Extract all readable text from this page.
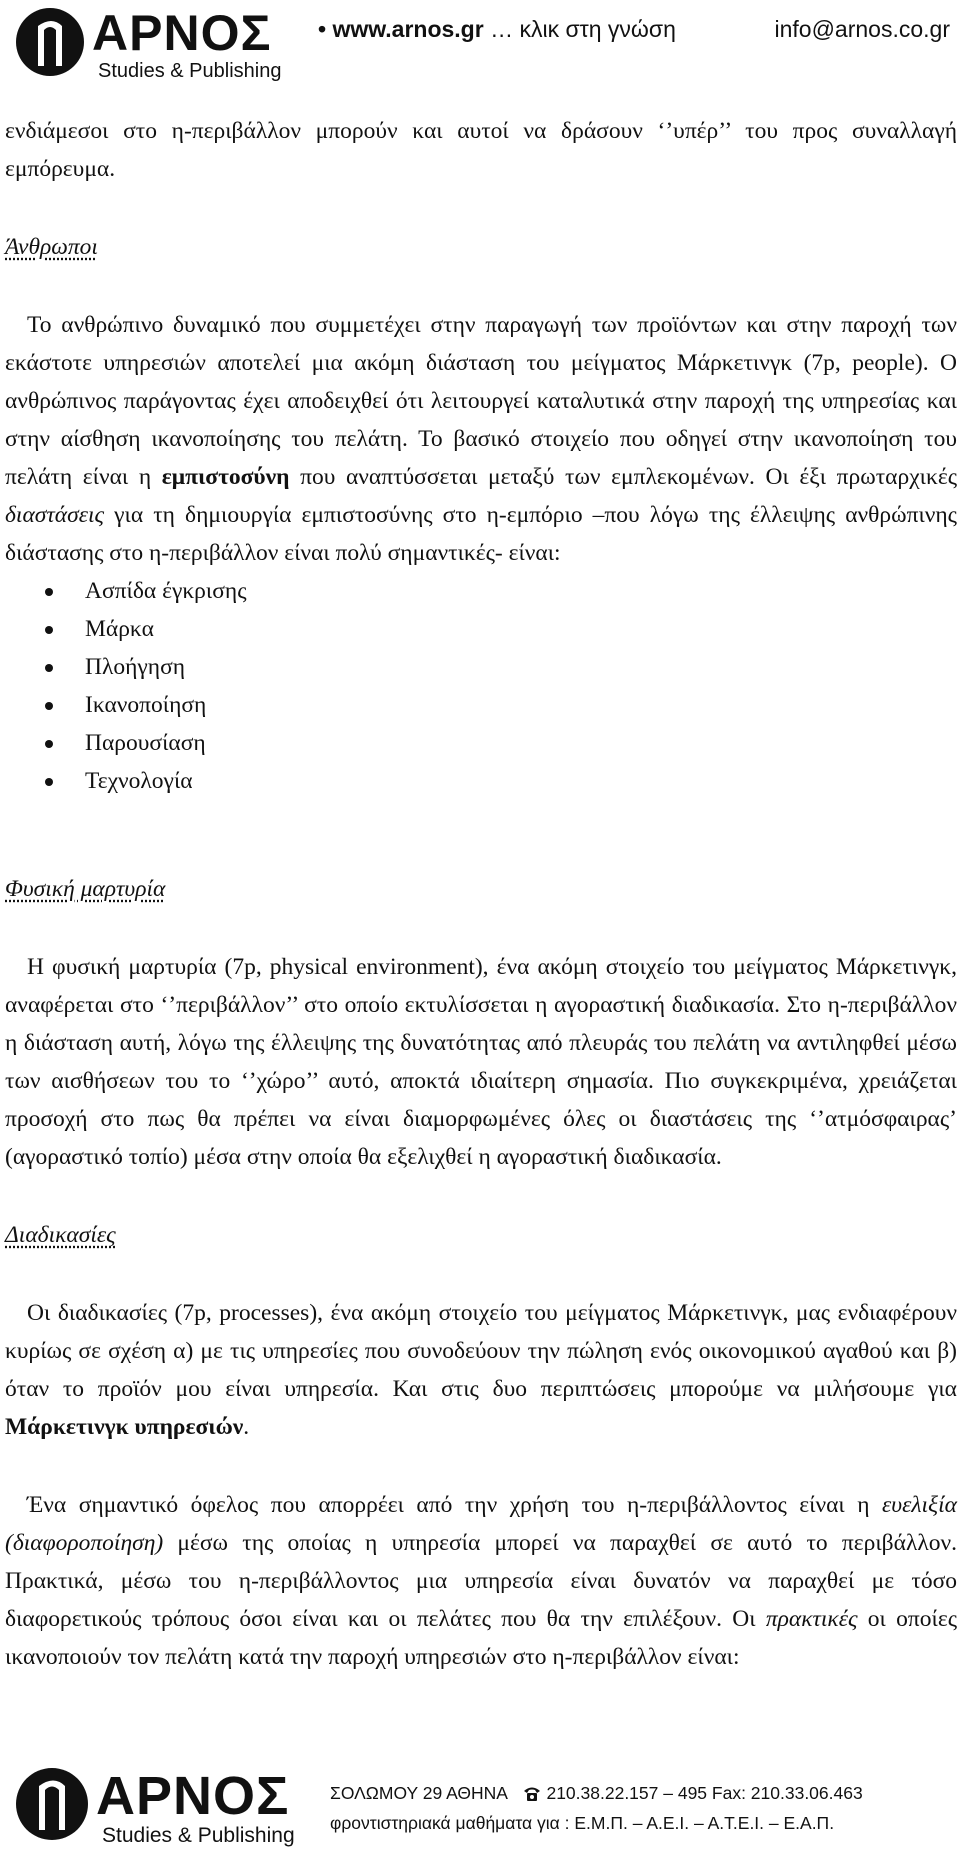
ΑΡΝΟΣ
Studies & Publishing
• www.arnos.gr … κλικ στη γνώση	info@arnos.co.gr

ενδιάμεσοι στο η-περιβάλλον μπορούν και αυτοί να δράσουν ‘’υπέρ’’ του προς συναλλαγή εμπόρευμα.

Άνθρωποι

Το ανθρώπινο δυναμικό που συμμετέχει στην παραγωγή των προϊόντων και στην παροχή των εκάστοτε υπηρεσιών αποτελεί μια ακόμη διάσταση του μείγματος Μάρκετινγκ (7p, people). Ο ανθρώπινος παράγοντας έχει αποδειχθεί ότι λειτουργεί καταλυτικά στην παροχή της υπηρεσίας και στην αίσθηση ικανοποίησης του πελάτη. Το βασικό στοιχείο που οδηγεί στην ικανοποίηση του πελάτη είναι η εμπιστοσύνη που αναπτύσσεται μεταξύ των εμπλεκομένων. Οι έξι πρωταρχικές διαστάσεις για τη δημιουργία εμπιστοσύνης στο η-εμπόριο –που λόγω της έλλειψης ανθρώπινης διάστασης στο η-περιβάλλον είναι πολύ σημαντικές- είναι:

Ασπίδα έγκρισης
Μάρκα
Πλοήγηση
Ικανοποίηση
Παρουσίαση
Τεχνολογία

Φυσική μαρτυρία

Η φυσική μαρτυρία (7p, physical environment), ένα ακόμη στοιχείο του μείγματος Μάρκετινγκ, αναφέρεται στο ‘’περιβάλλον’’ στο οποίο εκτυλίσσεται η αγοραστική διαδικασία. Στο η-περιβάλλον η διάσταση αυτή, λόγω της έλλειψης της δυνατότητας από πλευράς του πελάτη να αντιληφθεί μέσω των αισθήσεων του το ‘’χώρο’’ αυτό, αποκτά ιδιαίτερη σημασία. Πιο συγκεκριμένα, χρειάζεται προσοχή στο πως θα πρέπει να είναι διαμορφωμένες όλες οι διαστάσεις της ‘’ατμόσφαιρας’ (αγοραστικό τοπίο) μέσα στην οποία θα εξελιχθεί η αγοραστική διαδικασία.

Διαδικασίες

Οι διαδικασίες (7p, processes), ένα ακόμη στοιχείο του μείγματος Μάρκετινγκ, μας ενδιαφέρουν κυρίως σε σχέση α) με τις υπηρεσίες που συνοδεύουν την πώληση ενός οικονομικού αγαθού και β) όταν το προϊόν μου είναι υπηρεσία. Και στις δυο περιπτώσεις μπορούμε να μιλήσουμε για Μάρκετινγκ υπηρεσιών.

Ένα σημαντικό όφελος που απορρέει από την χρήση του η-περιβάλλοντος είναι η ευελιξία (διαφοροποίηση) μέσω της οποίας η υπηρεσία μπορεί να παραχθεί σε αυτό το περιβάλλον. Πρακτικά, μέσω του η-περιβάλλοντος μια υπηρεσία είναι δυνατόν να παραχθεί με τόσο διαφορετικούς τρόπους όσοι είναι και οι πελάτες που θα την επιλέξουν. Οι πρακτικές οι οποίες ικανοποιούν τον πελάτη κατά την παροχή υπηρεσιών στο η-περιβάλλον είναι:

ΑΡΝΟΣ
Studies & Publishing
ΣΟΛΩΜΟΥ 29 ΑΘΗΝΑ    210.38.22.157 – 495 Fax: 210.33.06.463
φροντιστηριακά μαθήματα για : Ε.Μ.Π. – Α.Ε.Ι. – Α.Τ.Ε.Ι. – Ε.Α.Π.
